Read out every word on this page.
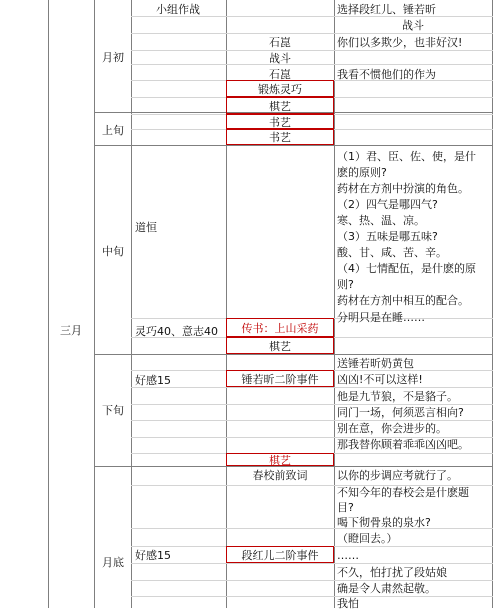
三月
月初
上旬
中旬
下旬
月底
道恒
灵巧40、意志40
好感15
好感15
小组作战
石崑
战斗
石崑
锻炼灵巧
棋艺
书艺
书艺
传书：上山采药
棋艺
锤若昕二阶事件
棋艺
春校前致词
段红儿二阶事件
选择段红儿、锤若昕
战斗
你们以多欺少，也非好汉!
我看不惯他们的作为
（1）君、臣、佐、使，是什
麽的原则?
药材在方剂中扮演的角色。
（2）四气是哪四气?
寒、热、温、凉。
（3）五味是哪五味?
酸、甘、咸、苦、辛。
（4）七情配伍，是什麽的原
则?
药材在方剂中相互的配合。
分明只是在睡……
送锤若昕奶黄包
凶凶!不可以这样!
他是九节狼，不是貉子。
同门一场，何须恶言相向?
别在意，你会进步的。
那我替你顾着乖乖凶凶吧。
以你的步调应考就行了。
不知今年的春校会是什麽题
目?
喝下彻骨泉的泉水?
（瞪回去。）
……
不久，怕打扰了段姑娘
确是令人肃然起敬。
我怕
